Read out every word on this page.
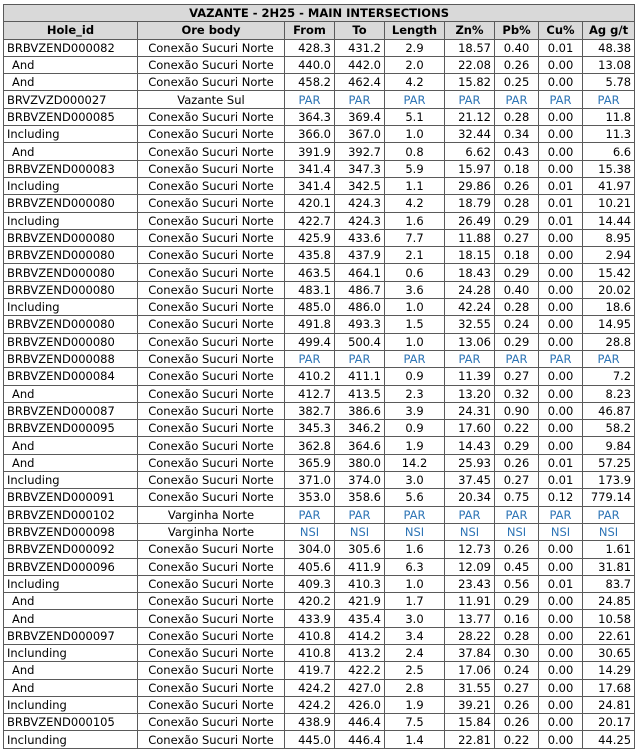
VAZANTE - 2H25 - MAIN INTERSECTIONS								
Hole_id	Ore body	From	To	Length	Zn%	Pb%	Cu%	Ag g/t
BRBVZEND000082	Conexão Sucuri Norte	428.3	431.2	2.9	18.57	0.40	0.01	48.38
And	Conexão Sucuri Norte	440.0	442.0	2.0	22.08	0.26	0.00	13.08
And	Conexão Sucuri Norte	458.2	462.4	4.2	15.82	0.25	0.00	5.78
BRVZVZD000027	Vazante Sul	PAR	PAR	PAR	PAR	PAR	PAR	PAR
BRBVZEND000085	Conexão Sucuri Norte	364.3	369.4	5.1	21.12	0.28	0.00	11.8
Including	Conexão Sucuri Norte	366.0	367.0	1.0	32.44	0.34	0.00	11.3
And	Conexão Sucuri Norte	391.9	392.7	0.8	6.62	0.43	0.00	6.6
BRBVZEND000083	Conexão Sucuri Norte	341.4	347.3	5.9	15.97	0.18	0.00	15.38
Including	Conexão Sucuri Norte	341.4	342.5	1.1	29.86	0.26	0.01	41.97
BRBVZEND000080	Conexão Sucuri Norte	420.1	424.3	4.2	18.79	0.28	0.01	10.21
Including	Conexão Sucuri Norte	422.7	424.3	1.6	26.49	0.29	0.01	14.44
BRBVZEND000080	Conexão Sucuri Norte	425.9	433.6	7.7	11.88	0.27	0.00	8.95
BRBVZEND000080	Conexão Sucuri Norte	435.8	437.9	2.1	18.15	0.18	0.00	2.94
BRBVZEND000080	Conexão Sucuri Norte	463.5	464.1	0.6	18.43	0.29	0.00	15.42
BRBVZEND000080	Conexão Sucuri Norte	483.1	486.7	3.6	24.28	0.40	0.00	20.02
Including	Conexão Sucuri Norte	485.0	486.0	1.0	42.24	0.28	0.00	18.6
BRBVZEND000080	Conexão Sucuri Norte	491.8	493.3	1.5	32.55	0.24	0.00	14.95
BRBVZEND000080	Conexão Sucuri Norte	499.4	500.4	1.0	13.06	0.29	0.00	28.8
BRBVZEND000088	Conexão Sucuri Norte	PAR	PAR	PAR	PAR	PAR	PAR	PAR
BRBVZEND000084	Conexão Sucuri Norte	410.2	411.1	0.9	11.39	0.27	0.00	7.2
And	Conexão Sucuri Norte	412.7	413.5	2.3	13.20	0.32	0.00	8.23
BRBVZEND000087	Conexão Sucuri Norte	382.7	386.6	3.9	24.31	0.90	0.00	46.87
BRBVZEND000095	Conexão Sucuri Norte	345.3	346.2	0.9	17.60	0.22	0.00	58.2
And	Conexão Sucuri Norte	362.8	364.6	1.9	14.43	0.29	0.00	9.84
And	Conexão Sucuri Norte	365.9	380.0	14.2	25.93	0.26	0.01	57.25
Including	Conexão Sucuri Norte	371.0	374.0	3.0	37.45	0.27	0.01	173.9
BRBVZEND000091	Conexão Sucuri Norte	353.0	358.6	5.6	20.34	0.75	0.12	779.14
BRBVZEND000102	Varginha Norte	PAR	PAR	PAR	PAR	PAR	PAR	PAR
BRBVZEND000098	Varginha Norte	NSI	NSI	NSI	NSI	NSI	NSI	NSI
BRBVZEND000092	Conexão Sucuri Norte	304.0	305.6	1.6	12.73	0.26	0.00	1.61
BRBVZEND000096	Conexão Sucuri Norte	405.6	411.9	6.3	12.09	0.45	0.00	31.81
Including	Conexão Sucuri Norte	409.3	410.3	1.0	23.43	0.56	0.01	83.7
And	Conexão Sucuri Norte	420.2	421.9	1.7	11.91	0.29	0.00	24.85
And	Conexão Sucuri Norte	433.9	435.4	3.0	13.77	0.16	0.00	10.58
BRBVZEND000097	Conexão Sucuri Norte	410.8	414.2	3.4	28.22	0.28	0.00	22.61
Inclunding	Conexão Sucuri Norte	410.8	413.2	2.4	37.84	0.30	0.00	30.65
And	Conexão Sucuri Norte	419.7	422.2	2.5	17.06	0.24	0.00	14.29
And	Conexão Sucuri Norte	424.2	427.0	2.8	31.55	0.27	0.00	17.68
Inclunding	Conexão Sucuri Norte	424.2	426.0	1.9	39.21	0.26	0.00	24.81
BRBVZEND000105	Conexão Sucuri Norte	438.9	446.4	7.5	15.84	0.26	0.00	20.17
Inclunding	Conexão Sucuri Norte	445.0	446.4	1.4	22.81	0.22	0.00	44.25
